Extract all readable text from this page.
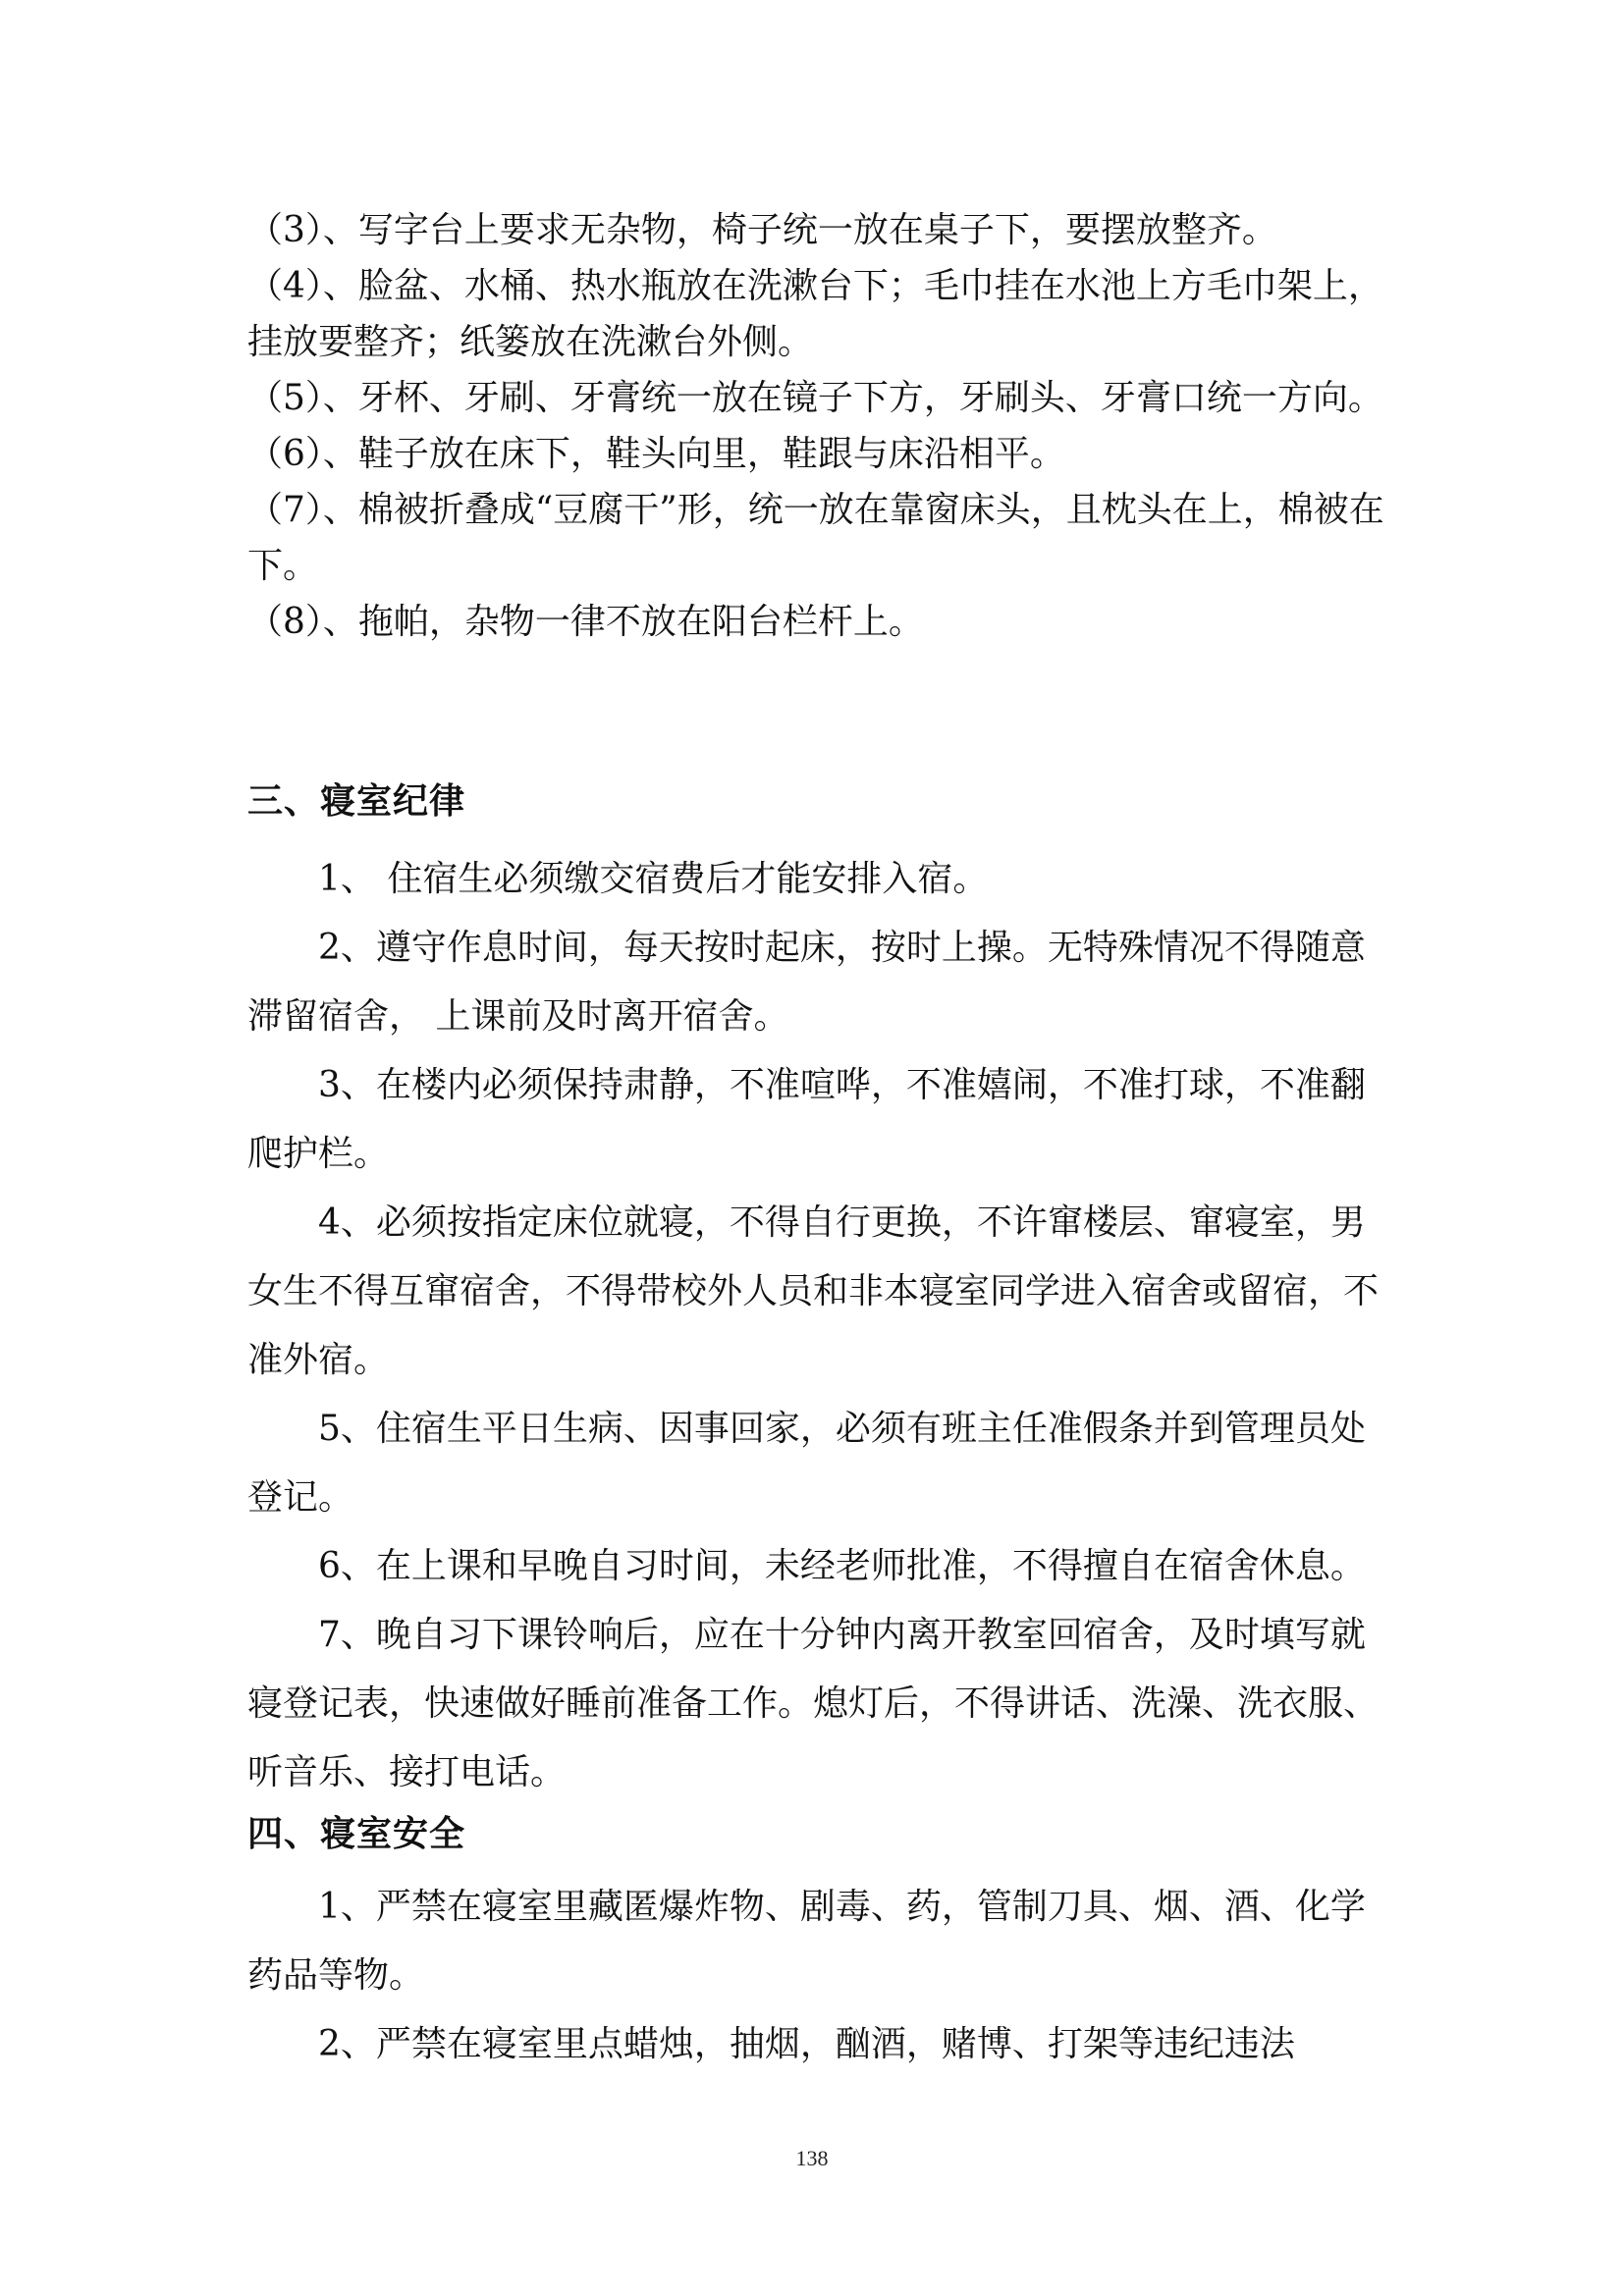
（3）、写字台上要求无杂物，椅子统一放在桌子下，要摆放整齐。

（4）、脸盆、水桶、热水瓶放在洗漱台下；毛巾挂在水池上方毛巾架上，挂放要整齐；纸篓放在洗漱台外侧。

（5）、牙杯、牙刷、牙膏统一放在镜子下方，牙刷头、牙膏口统一方向。

（6）、鞋子放在床下，鞋头向里，鞋跟与床沿相平。

（7）、棉被折叠成“豆腐干”形，统一放在靠窗床头，且枕头在上，棉被在下。

（8）、拖帕，杂物一律不放在阳台栏杆上。

三、寝室纪律

1、 住宿生必须缴交宿费后才能安排入宿。

2、遵守作息时间，每天按时起床，按时上操。无特殊情况不得随意滞留宿舍， 上课前及时离开宿舍。

3、在楼内必须保持肃静，不准喧哗，不准嬉闹，不准打球，不准翻爬护栏。

4、必须按指定床位就寝，不得自行更换，不许窜楼层、窜寝室，男女生不得互窜宿舍，不得带校外人员和非本寝室同学进入宿舍或留宿，不准外宿。

5、住宿生平日生病、因事回家，必须有班主任准假条并到管理员处登记。

6、在上课和早晚自习时间，未经老师批准，不得擅自在宿舍休息。

7、晚自习下课铃响后，应在十分钟内离开教室回宿舍，及时填写就寝登记表，快速做好睡前准备工作。熄灯后，不得讲话、洗澡、洗衣服、听音乐、接打电话。

四、寝室安全

1、严禁在寝室里藏匿爆炸物、剧毒、药，管制刀具、烟、酒、化学药品等物。

2、严禁在寝室里点蜡烛，抽烟，酗酒，赌博、打架等违纪违法

138
